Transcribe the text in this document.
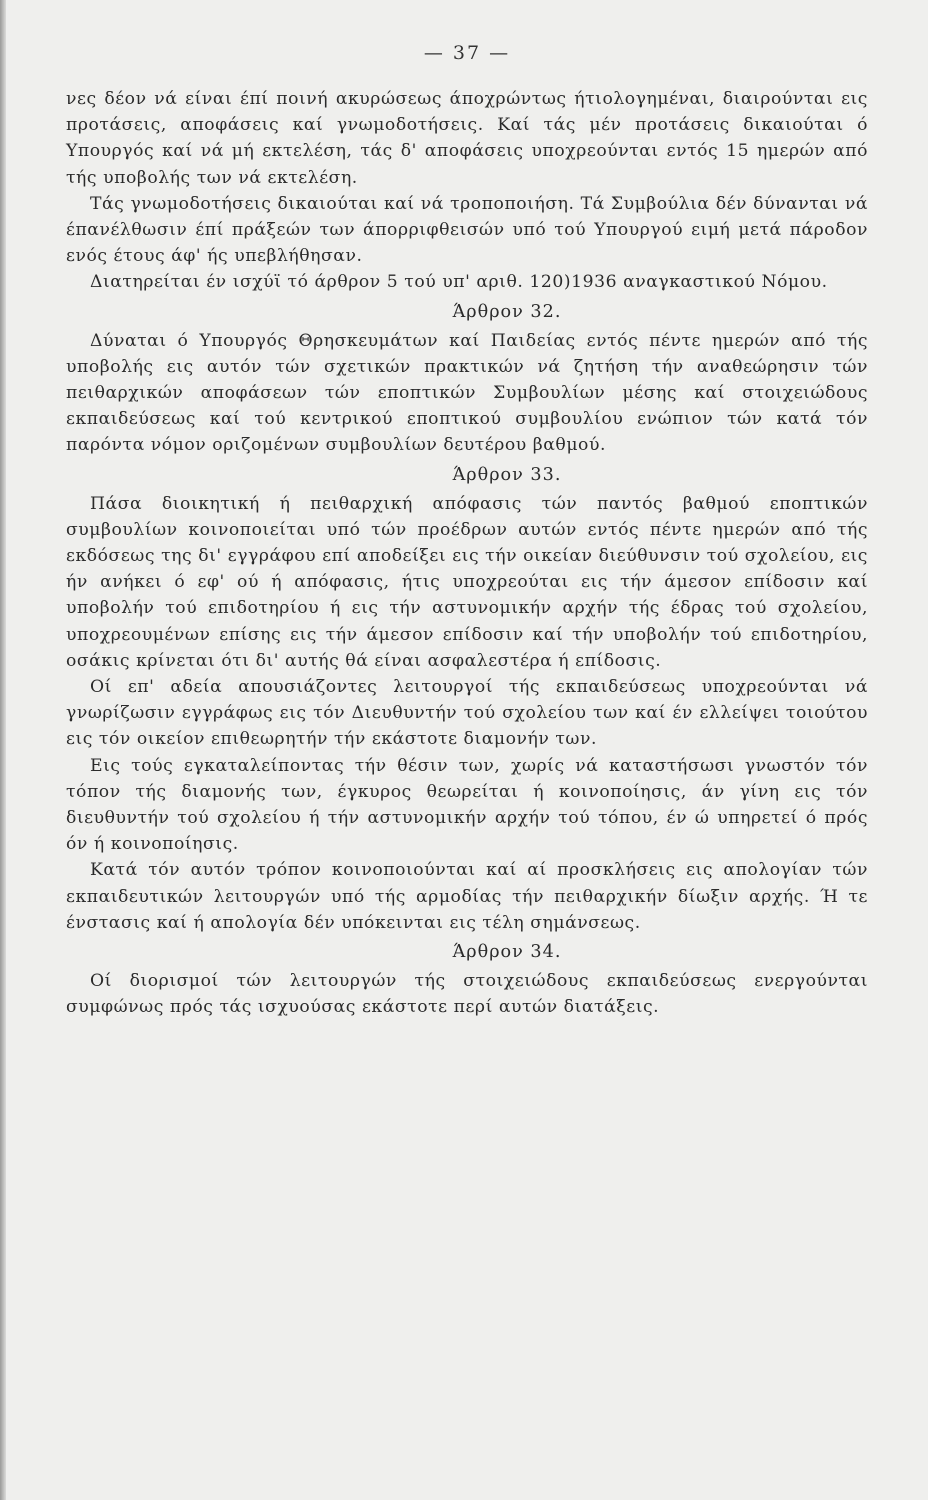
— 37 —

νες δέον νά είναι έπί ποινή ακυρώσεως άποχρώντως ήτιολογημέναι, διαιρούνται εις προτάσεις, αποφάσεις καί γνωμοδοτήσεις. Καί τάς μέν προτάσεις δικαιούται ό Υπουργός καί νά μή εκτελέση, τάς δ' αποφάσεις υποχρεούνται εντός 15 ημερών από τής υποβολής των νά εκτελέση.

Τάς γνωμοδοτήσεις δικαιούται καί νά τροποποιήση. Τά Συμβούλια δέν δύνανται νά έπανέλθωσιν έπί πράξεών των άπορριφθεισών υπό τού Υπουργού ειμή μετά πάροδον ενός έτους άφ' ής υπεβλήθησαν.

Διατηρείται έν ισχύϊ τό άρθρον 5 τού υπ' αριθ. 120)1936 αναγκαστικού Νόμου.

Άρθρον 32.

Δύναται ό Υπουργός Θρησκευμάτων καί Παιδείας εντός πέντε ημερών από τής υποβολής εις αυτόν τών σχετικών πρακτικών νά ζητήση τήν αναθεώρησιν τών πειθαρχικών αποφάσεων τών εποπτικών Συμβουλίων μέσης καί στοιχειώδους εκπαιδεύσεως καί τού κεντρικού εποπτικού συμβουλίου ενώπιον τών κατά τόν παρόντα νόμον οριζομένων συμβουλίων δευτέρου βαθμού.

Άρθρον 33.

Πάσα διοικητική ή πειθαρχική απόφασις τών παντός βαθμού εποπτικών συμβουλίων κοινοποιείται υπό τών προέδρων αυτών εντός πέντε ημερών από τής εκδόσεως της δι' εγγράφου επί αποδείξει εις τήν οικείαν διεύθυνσιν τού σχολείου, εις ήν ανήκει ό εφ' ού ή απόφασις, ήτις υποχρεούται εις τήν άμεσον επίδοσιν καί υποβολήν τού επιδοτηρίου ή εις τήν αστυνομικήν αρχήν τής έδρας τού σχολείου, υποχρεουμένων επίσης εις τήν άμεσον επίδοσιν καί τήν υποβολήν τού επιδοτηρίου, οσάκις κρίνεται ότι δι' αυτής θά είναι ασφαλεστέρα ή επίδοσις.

Οί επ' αδεία απουσιάζοντες λειτουργοί τής εκπαιδεύσεως υποχρεούνται νά γνωρίζωσιν εγγράφως εις τόν Διευθυντήν τού σχολείου των καί έν ελλείψει τοιούτου εις τόν οικείον επιθεωρητήν τήν εκάστοτε διαμονήν των.

Εις τούς εγκαταλείποντας τήν θέσιν των, χωρίς νά καταστήσωσι γνωστόν τόν τόπον τής διαμονής των, έγκυρος θεωρείται ή κοινοποίησις, άν γίνη εις τόν διευθυντήν τού σχολείου ή τήν αστυνομικήν αρχήν τού τόπου, έν ώ υπηρετεί ό πρός όν ή κοινοποίησις.

Κατά τόν αυτόν τρόπον κοινοποιούνται καί αί προσκλήσεις εις απολογίαν τών εκπαιδευτικών λειτουργών υπό τής αρμοδίας τήν πειθαρχικήν δίωξιν αρχής. Ή τε ένστασις καί ή απολογία δέν υπόκεινται εις τέλη σημάνσεως.

Άρθρον 34.

Οί διορισμοί τών λειτουργών τής στοιχειώδους εκπαιδεύσεως ενεργούνται συμφώνως πρός τάς ισχυούσας εκάστοτε περί αυτών διατάξεις.
